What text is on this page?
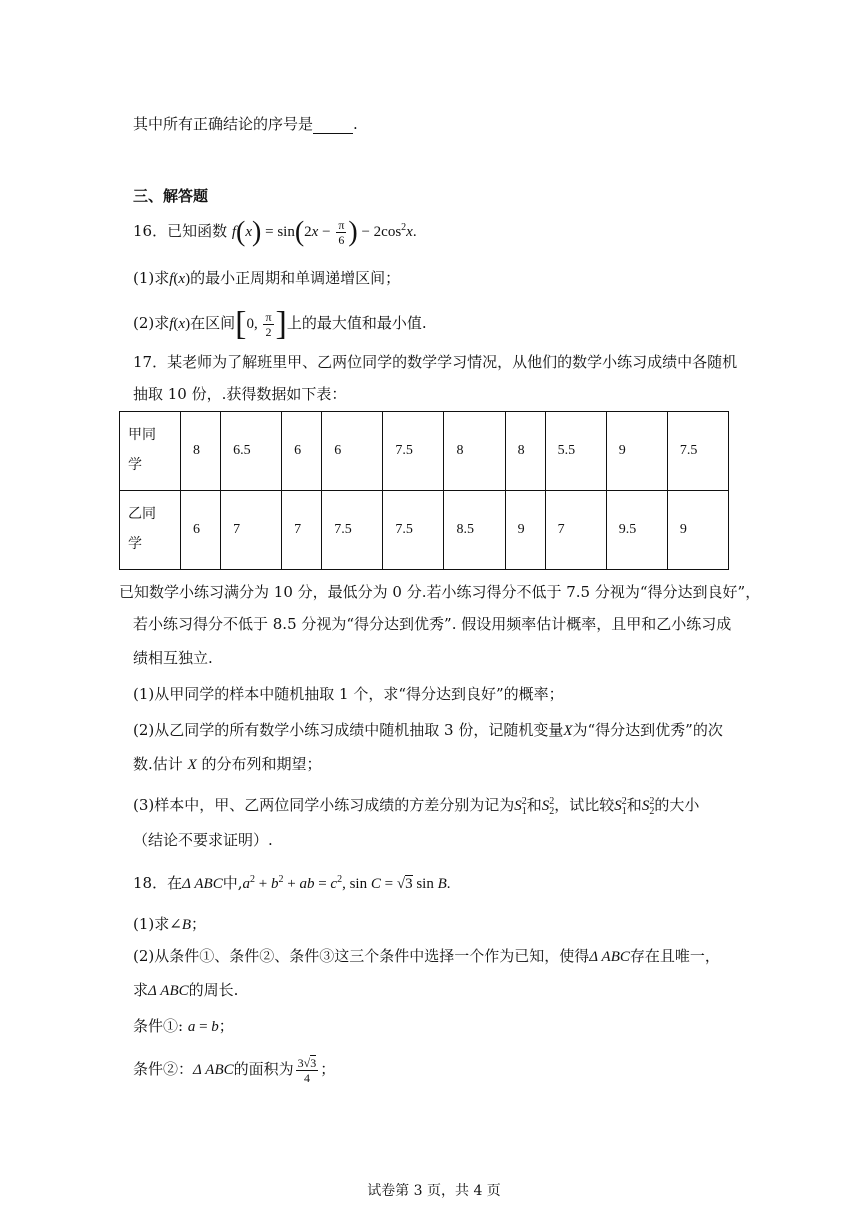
其中所有正确结论的序号是	.
三、解答题
16．已知函数 $f(x) = \sin(2x - \frac{\pi}{6}$ ) − $2\cos^2x$.
(1)求f(x)的最小正周期和单调递增区间；
(2)求f(x)在区间[0, $\frac{\pi}{2}$ ]上的最大值和最小值.
17．某老师为了解班里甲、乙两位同学的数学学习情况，从他们的数学小练习成绩中各随机
抽取 10 份，.获得数据如下表：
甲同
学	8	6.5	6	6	7.5	8	8	5.5	9	7.5

乙同
学	6	7	7	7.5	7.5	8.5	9	7	9.5	9
已知数学小练习满分为 10 分，最低分为 0 分.若小练习得分不低于 7.5 分视为“得分达到良好”，
若小练习得分不低于 8.5 分视为“得分达到优秀”. 假设用频率估计概率，且甲和乙小练习成
绩相互独立.
(1)从甲同学的样本中随机抽取 1 个，求“得分达到良好”的概率；
(2)从乙同学的所有数学小练习成绩中随机抽取 3 份，记随机变量X为“得分达到优秀”的次
数.估计 X 的分布列和期望；
(3)样本中，甲、乙两位同学小练习成绩的方差分别为记为$S_1^2$和$S_2^2$，试比较$S_1^2$和$S_2^2$的大小
（结论不要求证明）.
18．在Δ ABC中$,a^2 + b^2$ + ab = $c^2$, sin C = √3 sin B.
(1)求∠B；
(2)从条件①、条件②、条件③这三个条件中选择一个作为已知，使得Δ ABC存在且唯一，
求Δ ABC的周长.
条件①: a = b；
条件②：Δ ABC的面积为 $\frac{3√3}{4}$ ；
试卷第 3 页，共 4 页
